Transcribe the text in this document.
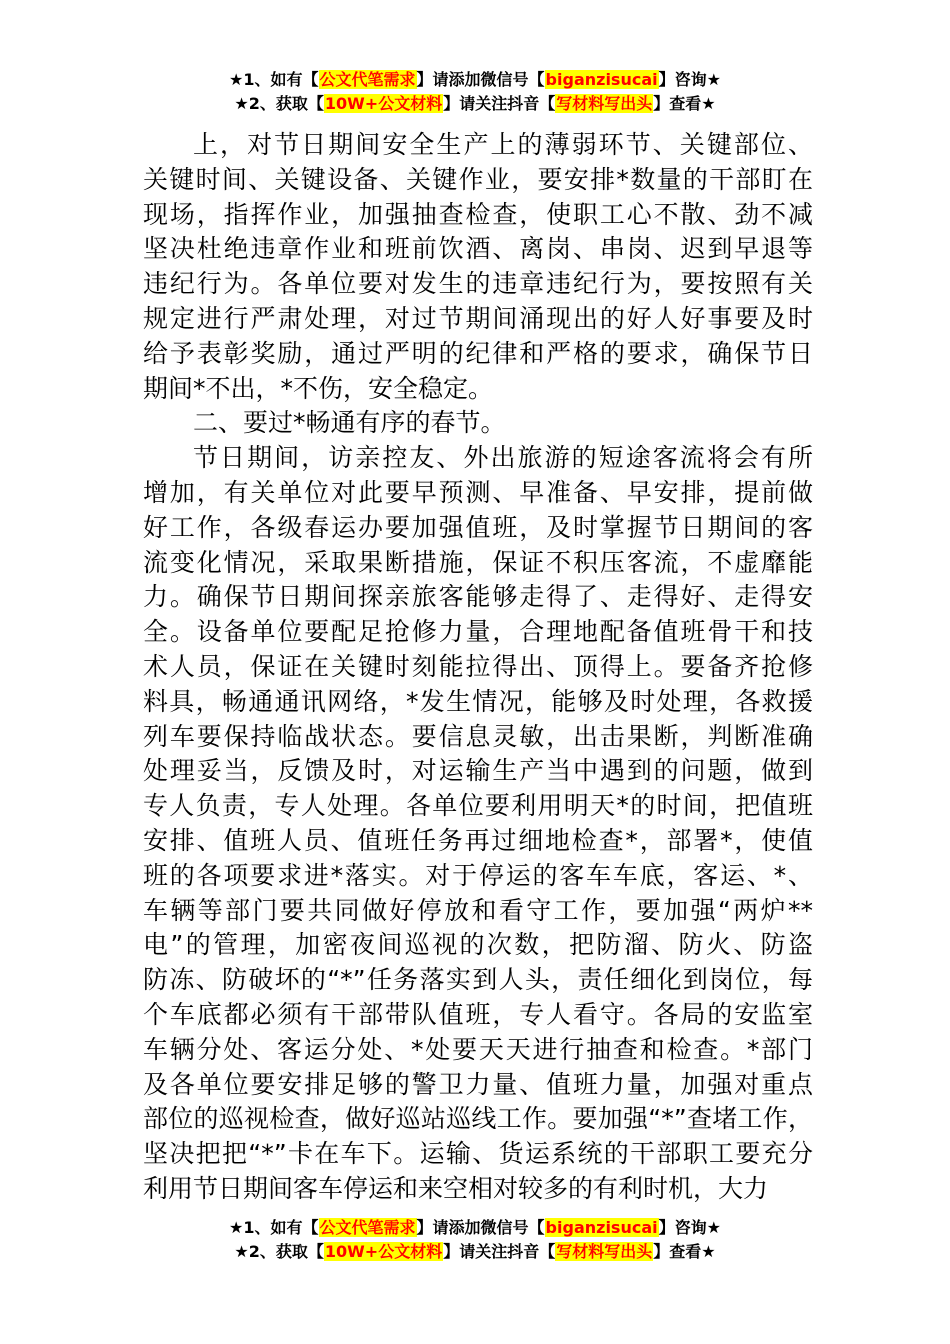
★1、如有【公文代笔需求】请添加微信号【biganzisucai】咨询★
★2、获取【10W+公文材料】请关注抖音【写材料写出头】查看★

上，对节日期间安全生产上的薄弱环节、关键部位、
关键时间、关键设备、关键作业，要安排*数量的干部盯在
现场，指挥作业，加强抽查检查，使职工心不散、劲不减
坚决杜绝违章作业和班前饮酒、离岗、串岗、迟到早退等
违纪行为。各单位要对发生的违章违纪行为，要按照有关
规定进行严肃处理，对过节期间涌现出的好人好事要及时
给予表彰奖励，通过严明的纪律和严格的要求，确保节日
期间*不出，*不伤，安全稳定。

二、要过*畅通有序的春节。

节日期间，访亲控友、外出旅游的短途客流将会有所
增加，有关单位对此要早预测、早准备、早安排，提前做
好工作，各级春运办要加强值班，及时掌握节日期间的客
流变化情况，采取果断措施，保证不积压客流，不虚靡能
力。确保节日期间探亲旅客能够走得了、走得好、走得安
全。设备单位要配足抢修力量，合理地配备值班骨干和技
术人员，保证在关键时刻能拉得出、顶得上。要备齐抢修
料具，畅通通讯网络，*发生情况，能够及时处理，各救援
列车要保持临战状态。要信息灵敏，出击果断，判断准确
处理妥当，反馈及时，对运输生产当中遇到的问题，做到
专人负责，专人处理。各单位要利用明天*的时间，把值班
安排、值班人员、值班任务再过细地检查*，部署*，使值
班的各项要求进*落实。对于停运的客车车底，客运、*、
车辆等部门要共同做好停放和看守工作，要加强“两炉**
电”的管理，加密夜间巡视的次数，把防溜、防火、防盗
防冻、防破坏的“*”任务落实到人头，责任细化到岗位，每
个车底都必须有干部带队值班，专人看守。各局的安监室
车辆分处、客运分处、*处要天天进行抽查和检查。*部门
及各单位要安排足够的警卫力量、值班力量，加强对重点
部位的巡视检查，做好巡站巡线工作。要加强“*”查堵工作，
坚决把把“*”卡在车下。运输、货运系统的干部职工要充分
利用节日期间客车停运和来空相对较多的有利时机，大力

★1、如有【公文代笔需求】请添加微信号【biganzisucai】咨询★
★2、获取【10W+公文材料】请关注抖音【写材料写出头】查看★
